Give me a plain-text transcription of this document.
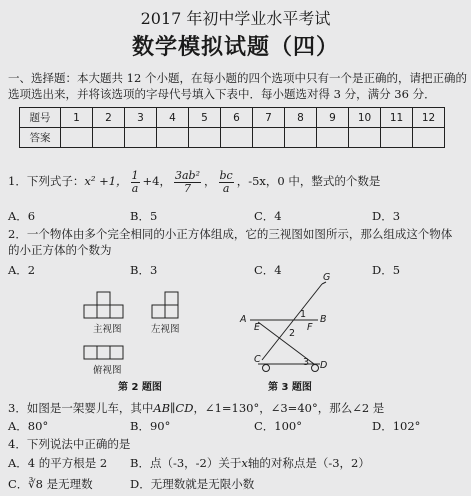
2017 年初中学业水平考试
数学模拟试题（四）
一、选择题：本大题共 12 个小题，在每小题的四个选项中只有一个是正确的，请把正确的
选项选出来，并将该选项的字母代号填入下表中．每小题选对得 3 分，满分 36 分．
题号	1	2	3	4	5	6	7	8	9	10	11	12
答案												
1．下列式子：x² +1， $\frac{1}{a} +4$， $\frac{\text{3ab²}}{7}$ ， $\frac{bc}{a}$ ，-5x，0 中，整式的个数是
A．6	B．5	C．4	D．3
2．一个物体由多个完全相同的小正方体组成，它的三视图如图所示，那么组成这个物体
的小正方体的个数为
A．2	B．3	C．4	D．5
主视图	左视图
俯视图
第 2 题图
G
1
A
E
B
F
2
C	3 D
第 3 题图
3．如图是一架婴儿车，其中AB∥CD，∠1=130°，∠3=40°，那么∠2 是
A．80°	B．90°	C．100°	D．102°
4．下列说法中正确的是
A．4 的平方根是 2 B．点（-3，-2）关于x轴的对称点是（-3，2）
C．∛8 是无理数	D．无理数就是无限小数
